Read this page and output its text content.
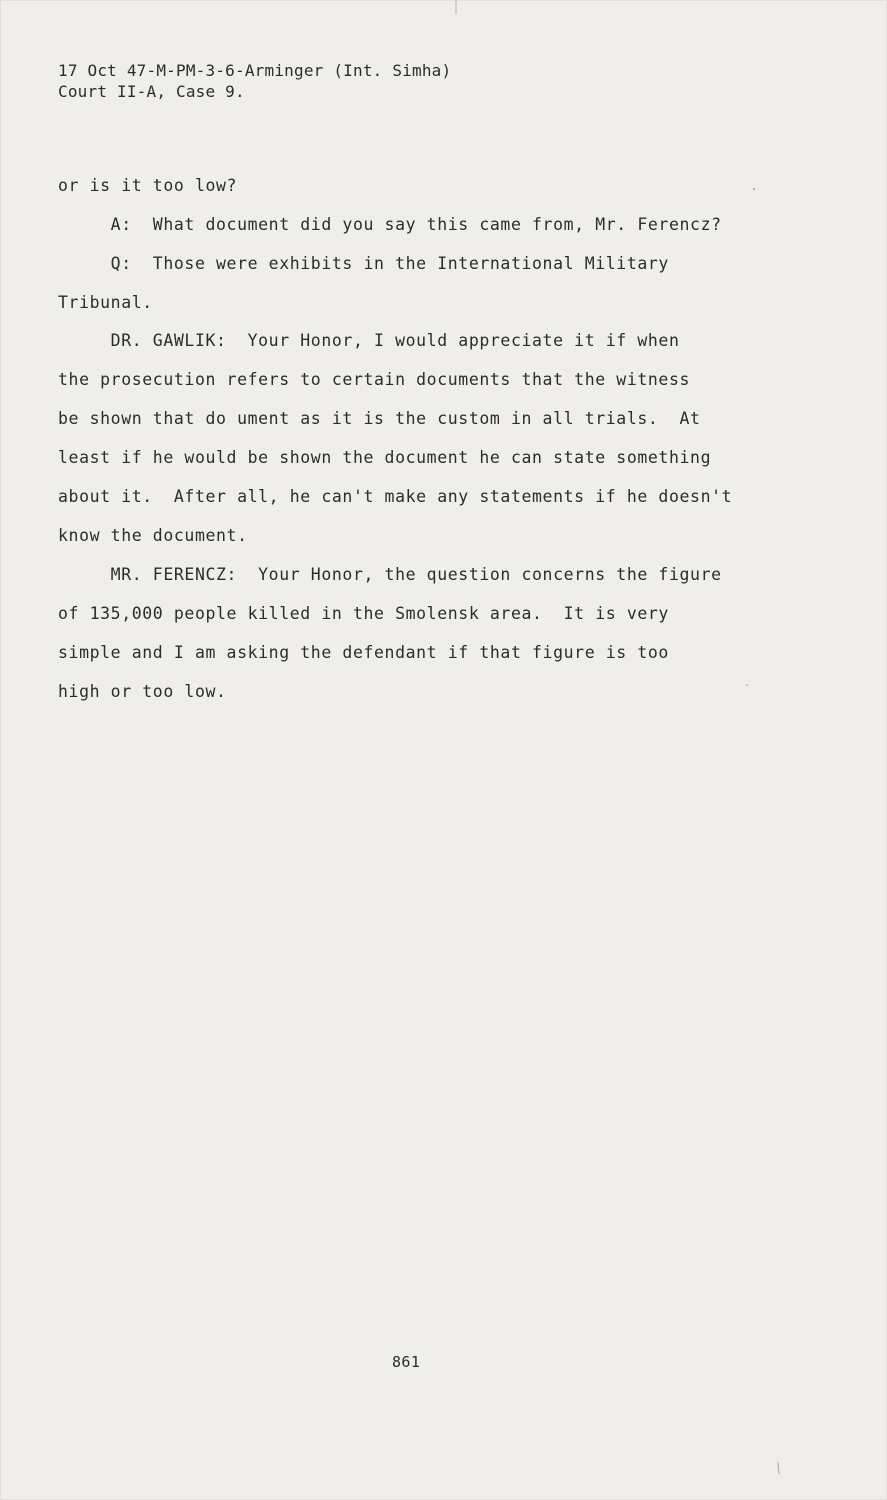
17 Oct 47-M-PM-3-6-Arminger (Int. Simha)
Court II-A, Case 9.
or is it too low?
A:  What document did you say this came from, Mr. Ferencz?
Q:  Those were exhibits in the International Military
Tribunal.
DR. GAWLIK:  Your Honor, I would appreciate it if when
the prosecution refers to certain documents that the witness
be shown that do ument as it is the custom in all trials.  At
least if he would be shown the document he can state something
about it.  After all, he can't make any statements if he doesn't
know the document.
MR. FERENCZ:  Your Honor, the question concerns the figure
of 135,000 people killed in the Smolensk area.  It is very
simple and I am asking the defendant if that figure is too
high or too low.
861
